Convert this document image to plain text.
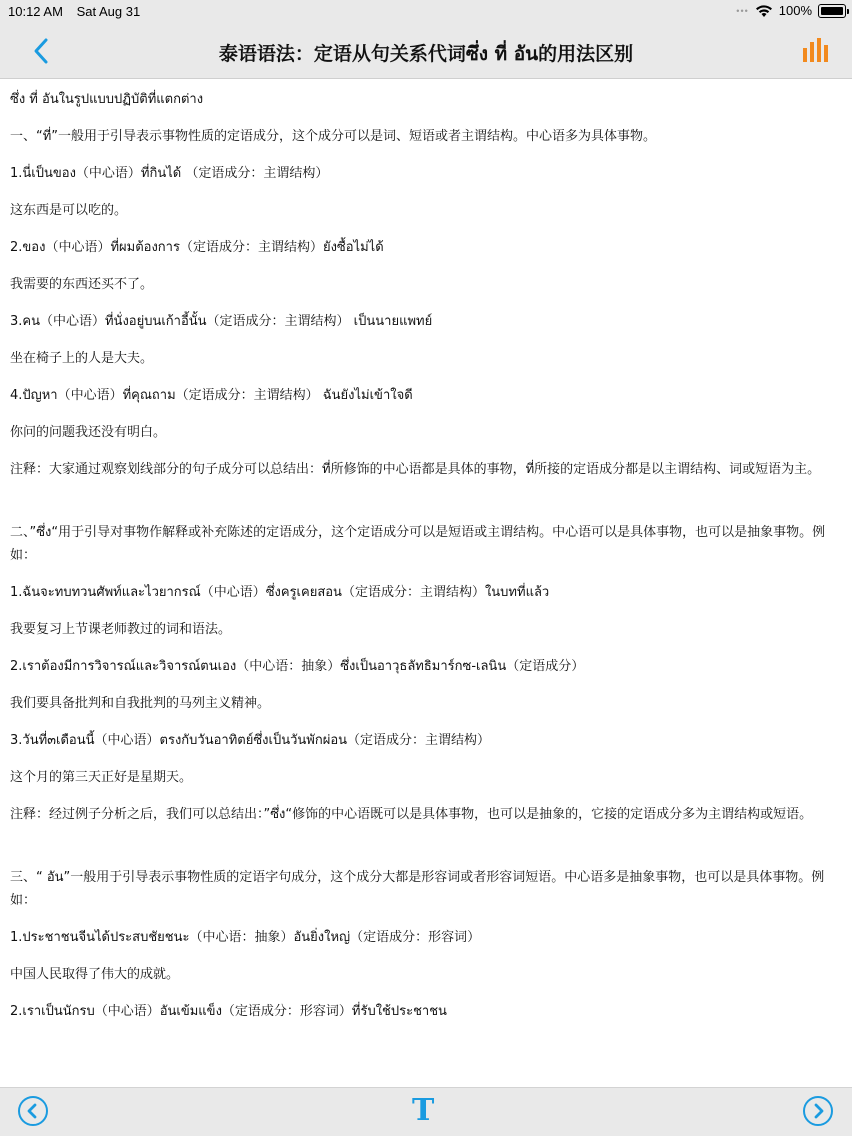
10:12 AM Sat Aug 31	••• 100%
泰语语法：定语从句关系代词ซึ่ง ที่ อัน的用法区别

ซึ่ง ที่ อันในรูปแบบปฏิบัติที่แตกต่าง

一、“ที่”一般用于引导表示事物性质的定语成分，这个成分可以是词、短语或者主谓结构。中心语多为具体事物。

1.นี่เป็นของ（中心语）ที่กินได้ （定语成分：主谓结构）

这东西是可以吃的。

2.ของ（中心语）ที่ผมต้องการ（定语成分：主谓结构）ยังซื้อไม่ได้

我需要的东西还买不了。

3.คน（中心语）ที่นั่งอยู่บนเก้าอี้นั้น（定语成分：主谓结构） เป็นนายแพทย์

坐在椅子上的人是大夫。

4.ปัญหา（中心语）ที่คุณถาม（定语成分：主谓结构） ฉันยังไม่เข้าใจดี

你问的问题我还没有明白。

注释：大家通过观察划线部分的句子成分可以总结出：ที่所修饰的中心语都是具体的事物，ที่所接的定语成分都是以主谓结构、词或短语为主。

二、”ซึ่ง“用于引导对事物作解释或补充陈述的定语成分，这个定语成分可以是短语或主谓结构。中心语可以是具体事物，也可以是抽象事物。例如：

1.ฉันจะทบทวนศัพท์และไวยากรณ์（中心语）ซึ่งครูเคยสอน（定语成分：主谓结构）ในบทที่แล้ว

我要复习上节课老师教过的词和语法。

2.เราต้องมีการวิจารณ์และวิจารณ์ตนเอง（中心语：抽象）ซึ่งเป็นอาวุธลัทธิมาร์กซ-เลนิน（定语成分）

我们要具备批判和自我批判的马列主义精神。

3.วันที่๓เดือนนี้（中心语）ตรงกับวันอาทิตย์ซึ่งเป็นวันพักผ่อน（定语成分：主谓结构）

这个月的第三天正好是星期天。

注释：经过例子分析之后，我们可以总结出：”ซึ่ง“修饰的中心语既可以是具体事物，也可以是抽象的，它接的定语成分多为主谓结构或短语。

三、“ อัน”一般用于引导表示事物性质的定语字句成分，这个成分大都是形容词或者形容词短语。中心语多是抽象事物，也可以是具体事物。例如：

1.ประชาชนจีนได้ประสบชัยชนะ（中心语：抽象）อันยิ่งใหญ่（定语成分：形容词）

中国人民取得了伟大的成就。

2.เราเป็นนักรบ（中心语）อันเข้มแข็ง（定语成分：形容词）ที่รับใช้ประชาชน

T
